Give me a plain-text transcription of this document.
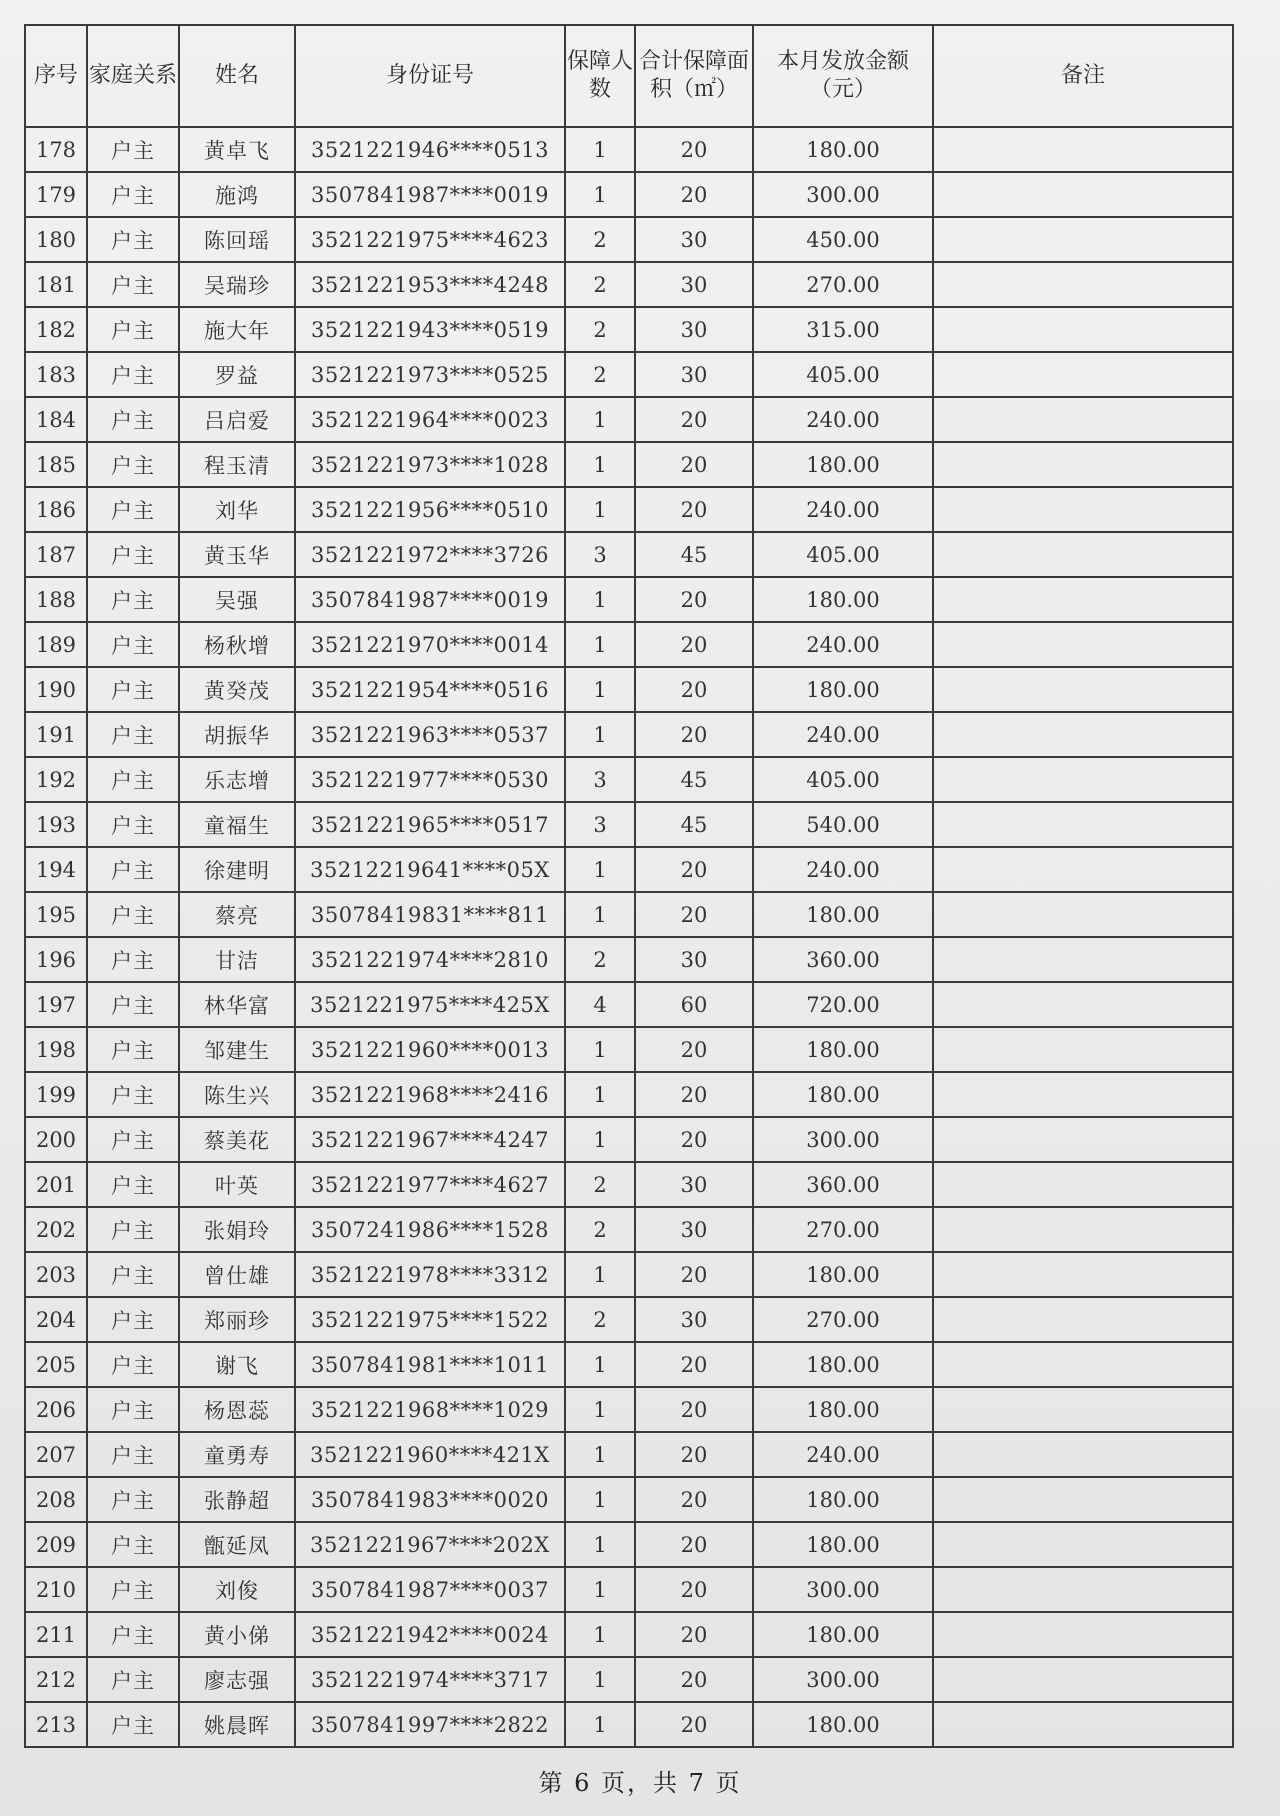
序号	家庭关系	姓名	身份证号	保障人数	合计保障面积（㎡）	本月发放金额（元）	备注
178	户主	黄卓飞	3521221946****0513	1	20	180.00	
179	户主	施鸿	3507841987****0019	1	20	300.00	
180	户主	陈回瑶	3521221975****4623	2	30	450.00	
181	户主	吴瑞珍	3521221953****4248	2	30	270.00	
182	户主	施大年	3521221943****0519	2	30	315.00	
183	户主	罗益	3521221973****0525	2	30	405.00	
184	户主	吕启爱	3521221964****0023	1	20	240.00	
185	户主	程玉清	3521221973****1028	1	20	180.00	
186	户主	刘华	3521221956****0510	1	20	240.00	
187	户主	黄玉华	3521221972****3726	3	45	405.00	
188	户主	吴强	3507841987****0019	1	20	180.00	
189	户主	杨秋增	3521221970****0014	1	20	240.00	
190	户主	黄癸茂	3521221954****0516	1	20	180.00	
191	户主	胡振华	3521221963****0537	1	20	240.00	
192	户主	乐志增	3521221977****0530	3	45	405.00	
193	户主	童福生	3521221965****0517	3	45	540.00	
194	户主	徐建明	35212219641****05X	1	20	240.00	
195	户主	蔡亮	35078419831****811	1	20	180.00	
196	户主	甘洁	3521221974****2810	2	30	360.00	
197	户主	林华富	3521221975****425X	4	60	720.00	
198	户主	邹建生	3521221960****0013	1	20	180.00	
199	户主	陈生兴	3521221968****2416	1	20	180.00	
200	户主	蔡美花	3521221967****4247	1	20	300.00	
201	户主	叶英	3521221977****4627	2	30	360.00	
202	户主	张娟玲	3507241986****1528	2	30	270.00	
203	户主	曾仕雄	3521221978****3312	1	20	180.00	
204	户主	郑丽珍	3521221975****1522	2	30	270.00	
205	户主	谢飞	3507841981****1011	1	20	180.00	
206	户主	杨恩蕊	3521221968****1029	1	20	180.00	
207	户主	童勇寿	3521221960****421X	1	20	240.00	
208	户主	张静超	3507841983****0020	1	20	180.00	
209	户主	甑延凤	3521221967****202X	1	20	180.00	
210	户主	刘俊	3507841987****0037	1	20	300.00	
211	户主	黄小俤	3521221942****0024	1	20	180.00	
212	户主	廖志强	3521221974****3717	1	20	300.00	
213	户主	姚晨晖	3507841997****2822	1	20	180.00	
第 6 页，共 7 页
